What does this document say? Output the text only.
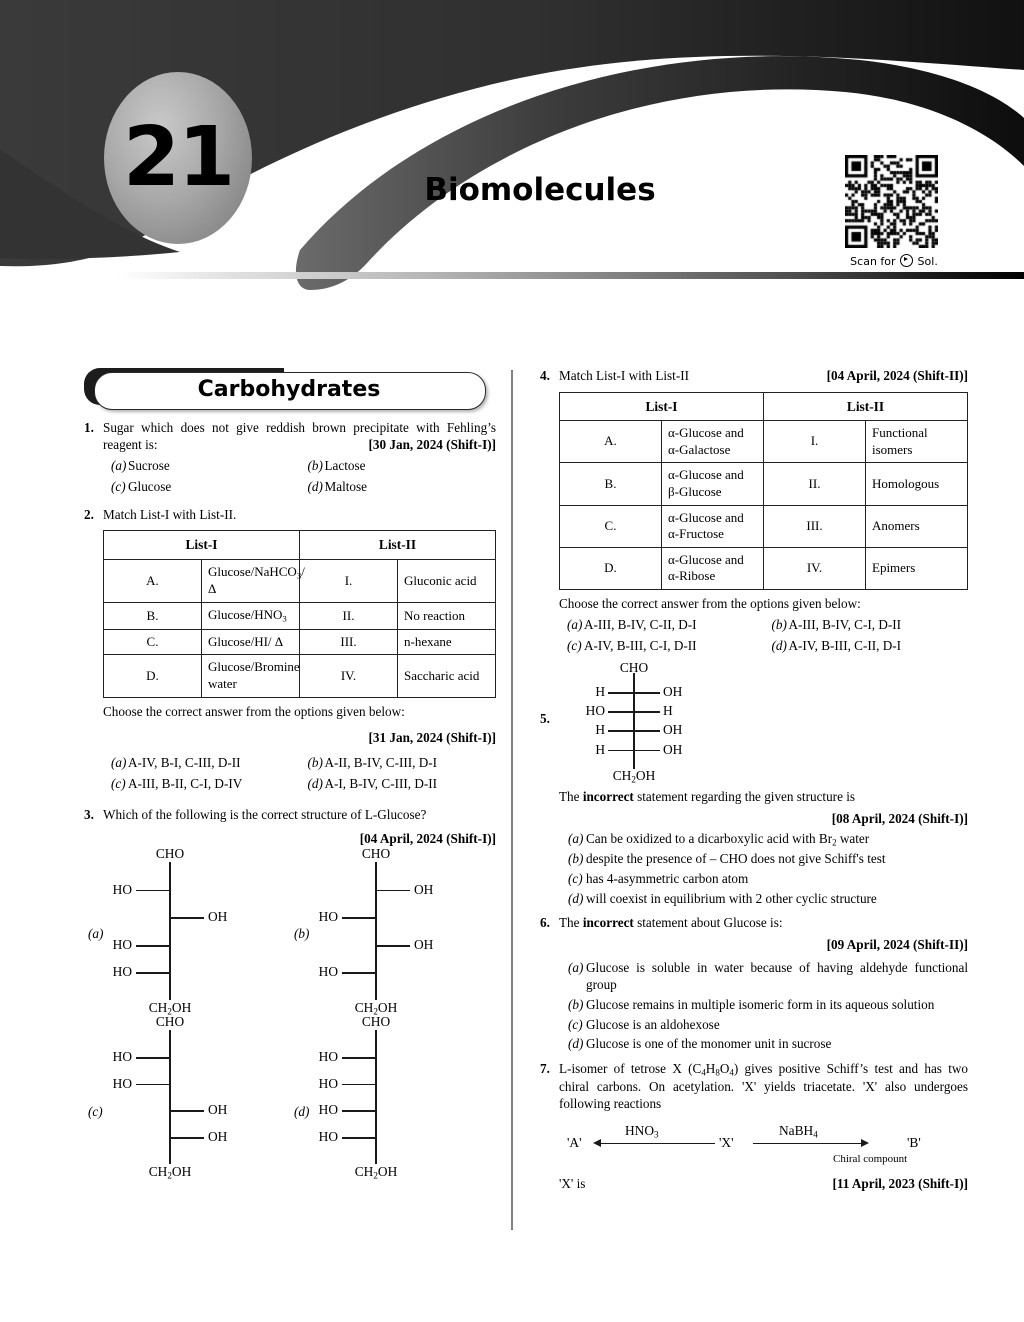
21	Biomolecules
Scan for Sol.
Carbohydrates
1. Sugar which does not give reddish brown precipitate with Fehling’s reagent is:	[30 Jan, 2024 (Shift-I)]

(a) Sucrose	(b) Lactose
(c) Glucose	(d) Maltose
2. Match List-I with List-II.

List-I		List-II	
A.	Glucose/NaHCO$_3$/Δ	I.	Gluconic acid
B.	Glucose/$HNO_3$	II.	No reaction
C.	Glucose/HI/ Δ	III.	n-hexane
D.	Glucose/Bromine water	IV.	Saccharic acid

Choose the correct answer from the options given below:

[31 Jan, 2024 (Shift-I)]

(a) A-IV, B-I, C-III, D-II	(b) A-II, B-IV, C-III, D-I
(c) A-III, B-II, C-I, D-IV	(d) A-I, B-IV, C-III, D-II
3. Which of the following is the correct structure of L-Glucose?

[04 April, 2024 (Shift-I)]

(a)
CHO
$CH_2OH$
HO
OH
HO
HO
(b)
CHO
$CH_2OH$
OH
HO
OH
HO
(c)
CHO
$CH_2OH$
HO
HO
OH
OH
(d)
CHO
$CH_2OH$
HO
HO
HO
HO
4. Match List-I with List-II	[04 April, 2024 (Shift-II)]

List-I		List-II	
A.	α-Glucose and α-Galactose	I.	Functional isomers
B.	α-Glucose and β-Glucose	II.	Homologous
C.	α-Glucose and α-Fructose	III.	Anomers
D.	α-Glucose and α-Ribose	IV.	Epimers

Choose the correct answer from the options given below:

(a) A-III, B-IV, C-II, D-I	(b) A-III, B-IV, C-I, D-II
(c) A-IV, B-III, C-I, D-II	(d) A-IV, B-III, C-II, D-I
5.
CHO
$CH_2OH$
H	OH
HO	H
H	OH
H	OH

The incorrect statement regarding the given structure is

[08 April, 2024 (Shift-I)]

(a) Can be oxidized to a dicarboxylic acid with $Br_2$ water
(b) despite the presence of – CHO does not give Schiff's test
(c) has 4-asymmetric carbon atom
(d) will coexist in equilibrium with 2 other cyclic structure
6. The incorrect statement about Glucose is:

[09 April, 2024 (Shift-II)]

(a) Glucose is soluble in water because of having aldehyde functional group
(b) Glucose remains in multiple isomeric form in its aqueous solution
(c) Glucose is an aldohexose
(d) Glucose is one of the monomer unit in sucrose
7. L-isomer of tetrose X $(C_4H_8O_4)$ gives positive Schiff’s test and has two chiral carbons. On acetylation. 'X' yields triacetate. 'X' also undergoes following reactions

'A'
$HNO_3$
'X'
NaBH$_4$
'B'
Chiral compount

'X' is	[11 April, 2023 (Shift-I)]
